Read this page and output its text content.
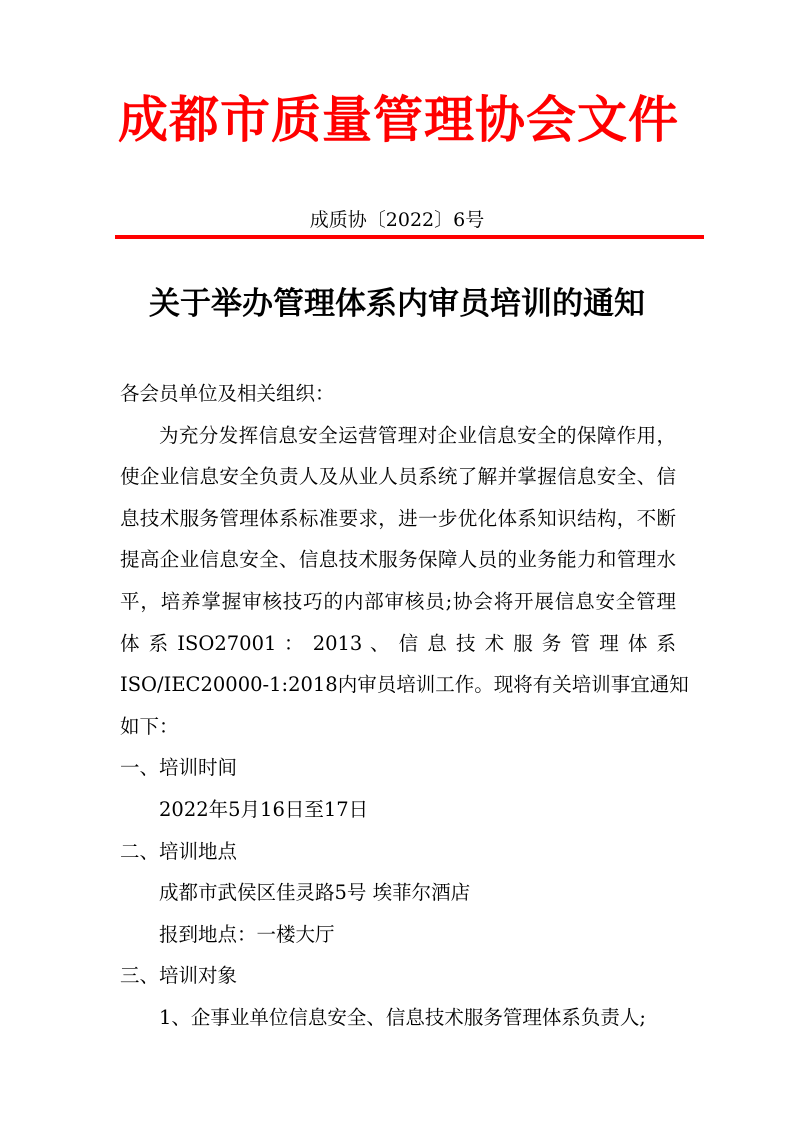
成都市质量管理协会文件
成质协〔2022〕6号
关于举办管理体系内审员培训的通知
各会员单位及相关组织：
为充分发挥信息安全运营管理对企业信息安全的保障作用，
使企业信息安全负责人及从业人员系统了解并掌握信息安全、信
息技术服务管理体系标准要求，进一步优化体系知识结构，不断
提高企业信息安全、信息技术服务保障人员的业务能力和管理水
平，培养掌握审核技巧的内部审核员;协会将开展信息安全管理
体 系 ISO27001 ： 2013 、 信 息 技 术 服 务 管 理 体 系
ISO/IEC20000-1:2018内审员培训工作。现将有关培训事宜通知
如下：
一、培训时间
2022年5月16日至17日
二、培训地点
成都市武侯区佳灵路5号 埃菲尔酒店
报到地点：一楼大厅
三、培训对象
1、企事业单位信息安全、信息技术服务管理体系负责人;
